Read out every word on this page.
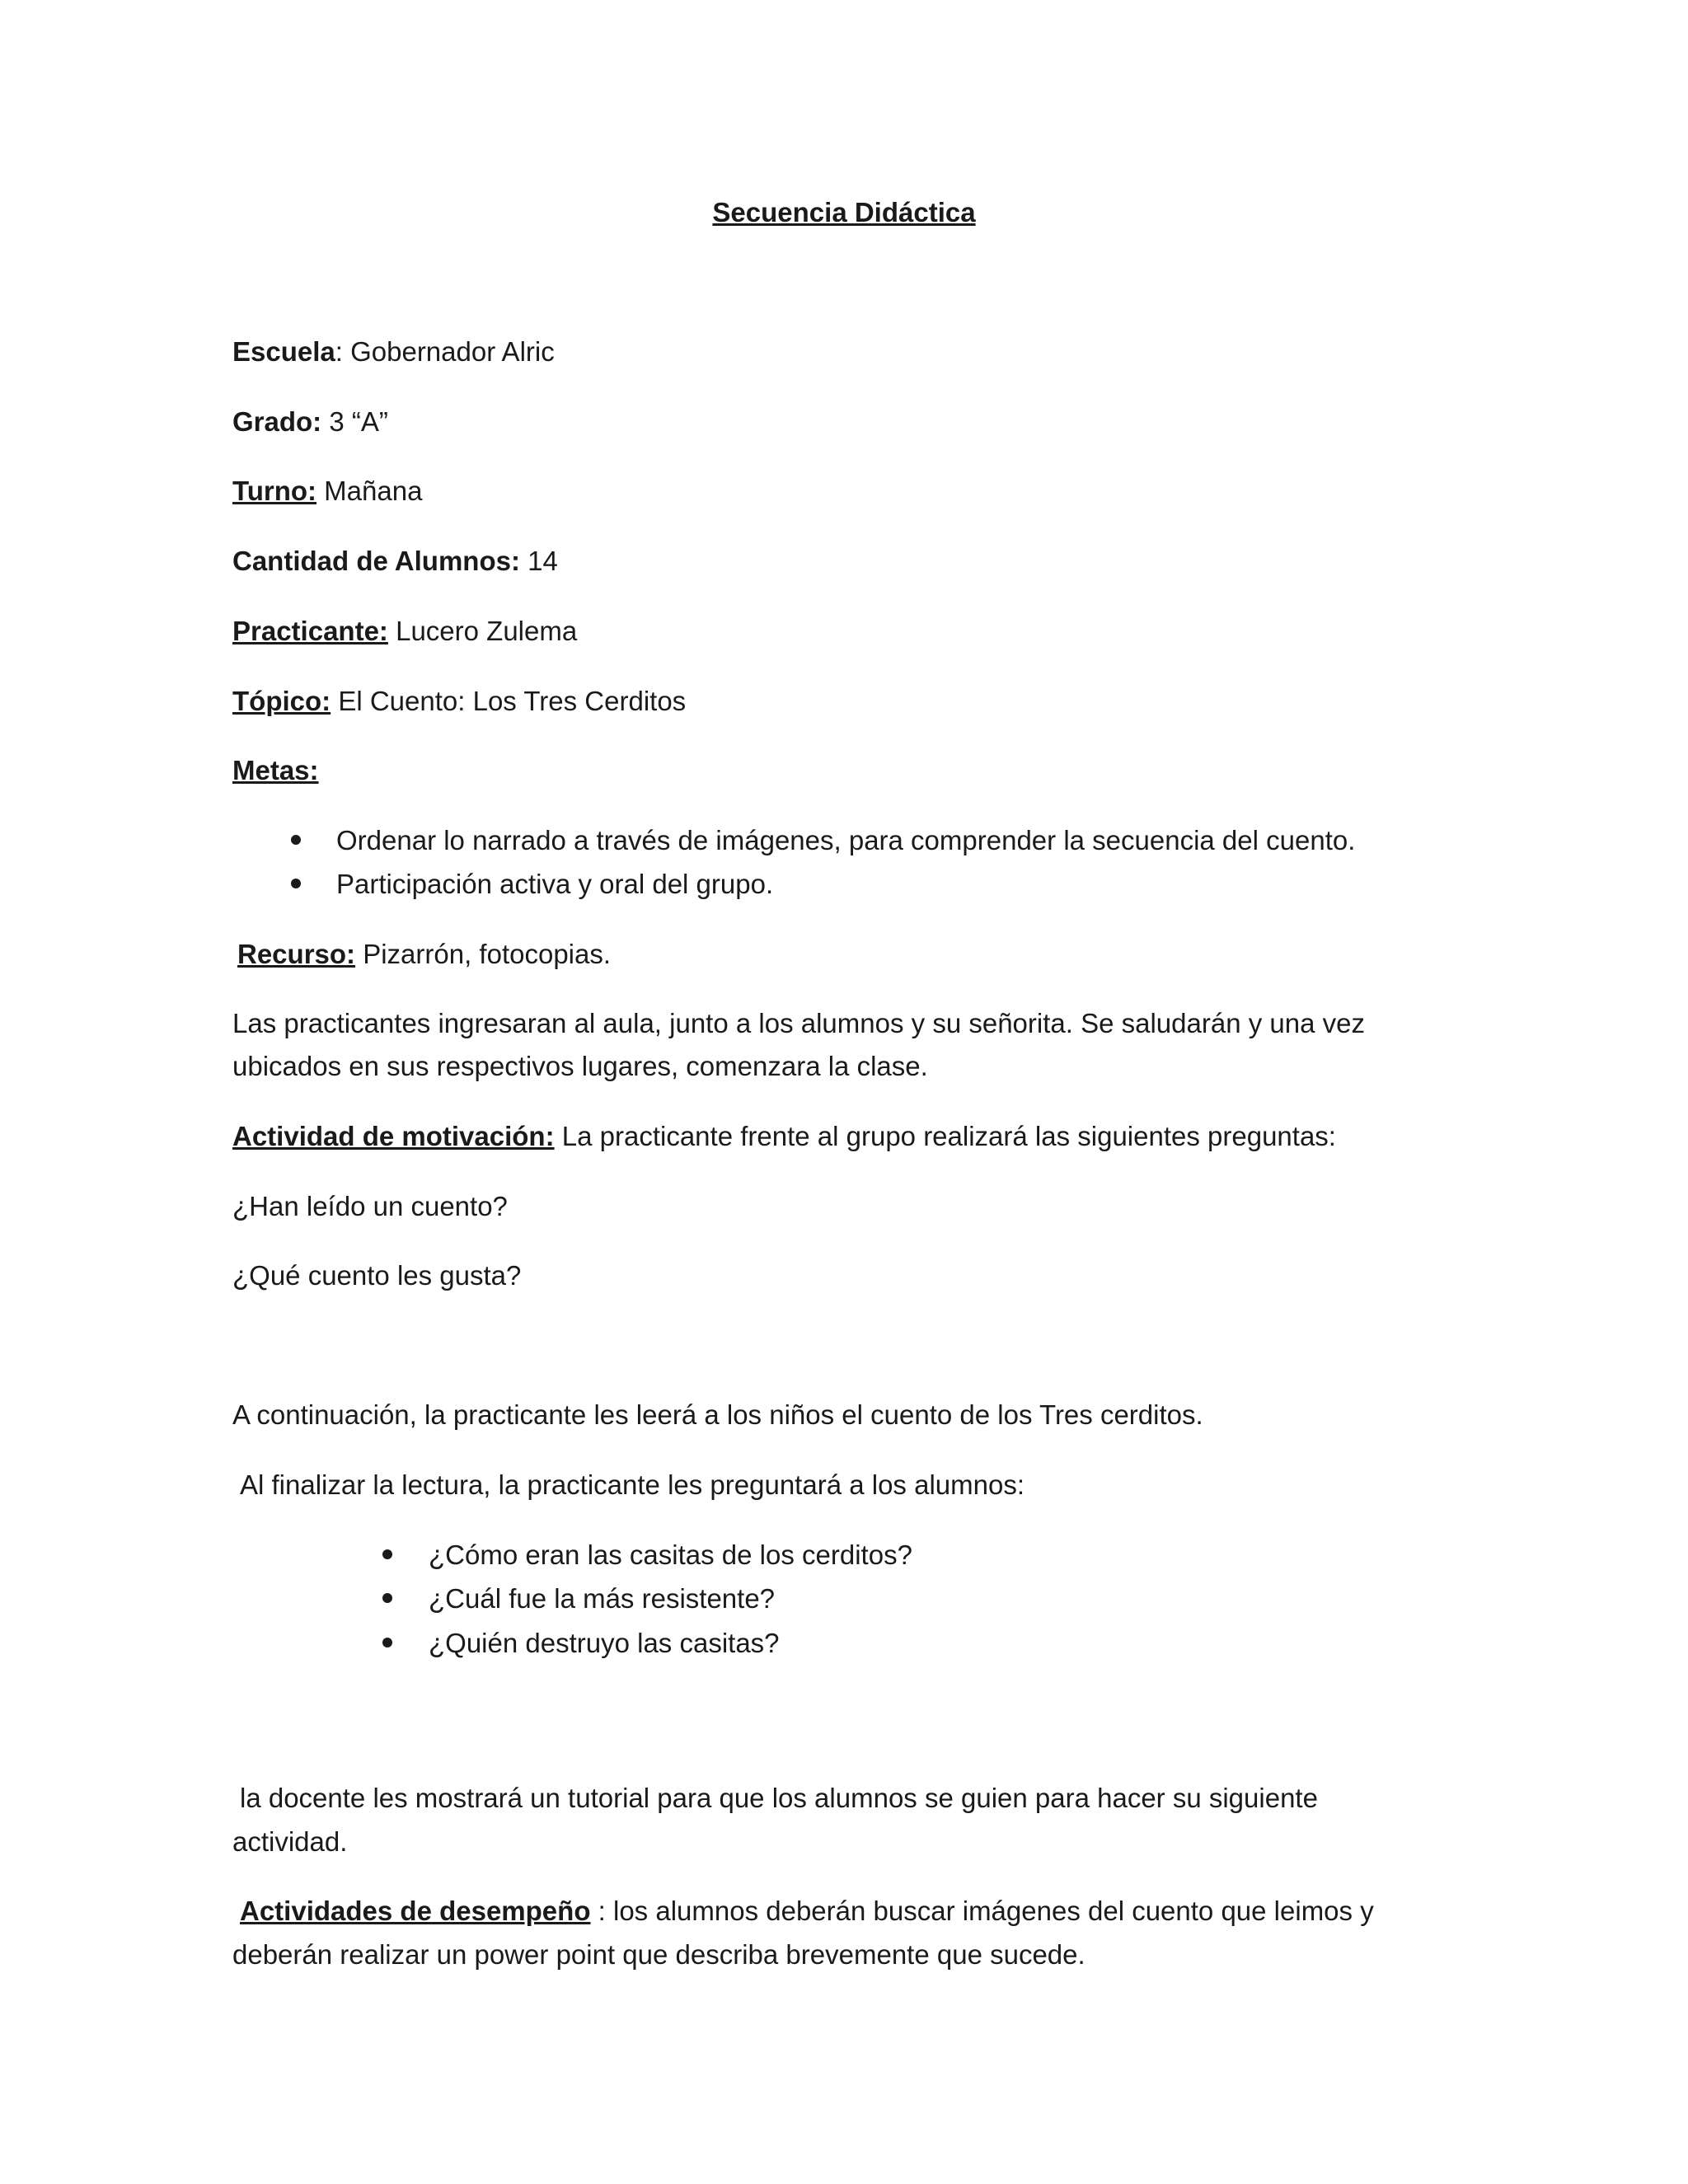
Secuencia Didáctica
Escuela: Gobernador Alric
Grado: 3 “A”
Turno: Mañana
Cantidad de Alumnos: 14
Practicante: Lucero Zulema
Tópico: El Cuento: Los Tres Cerditos
Metas:
Ordenar lo narrado a través de imágenes, para comprender la secuencia del cuento.
Participación activa y oral del grupo.
Recurso: Pizarrón, fotocopias.
Las practicantes ingresaran al aula, junto a los alumnos y su señorita. Se saludarán y una vez
ubicados en sus respectivos lugares, comenzara la clase.
Actividad de motivación: La practicante frente al grupo realizará las siguientes preguntas:
¿Han leído un cuento?
¿Qué cuento les gusta?
A continuación, la practicante les leerá a los niños el cuento de los Tres cerditos.
Al finalizar la lectura, la practicante les preguntará a los alumnos:
¿Cómo eran las casitas de los cerditos?
¿Cuál fue la más resistente?
¿Quién destruyo las casitas?
la docente les mostrará un tutorial para que los alumnos se guien para hacer su siguiente
actividad.
Actividades de desempeño : los alumnos deberán buscar imágenes del cuento que leimos y
deberán realizar un power point que describa brevemente que sucede.
